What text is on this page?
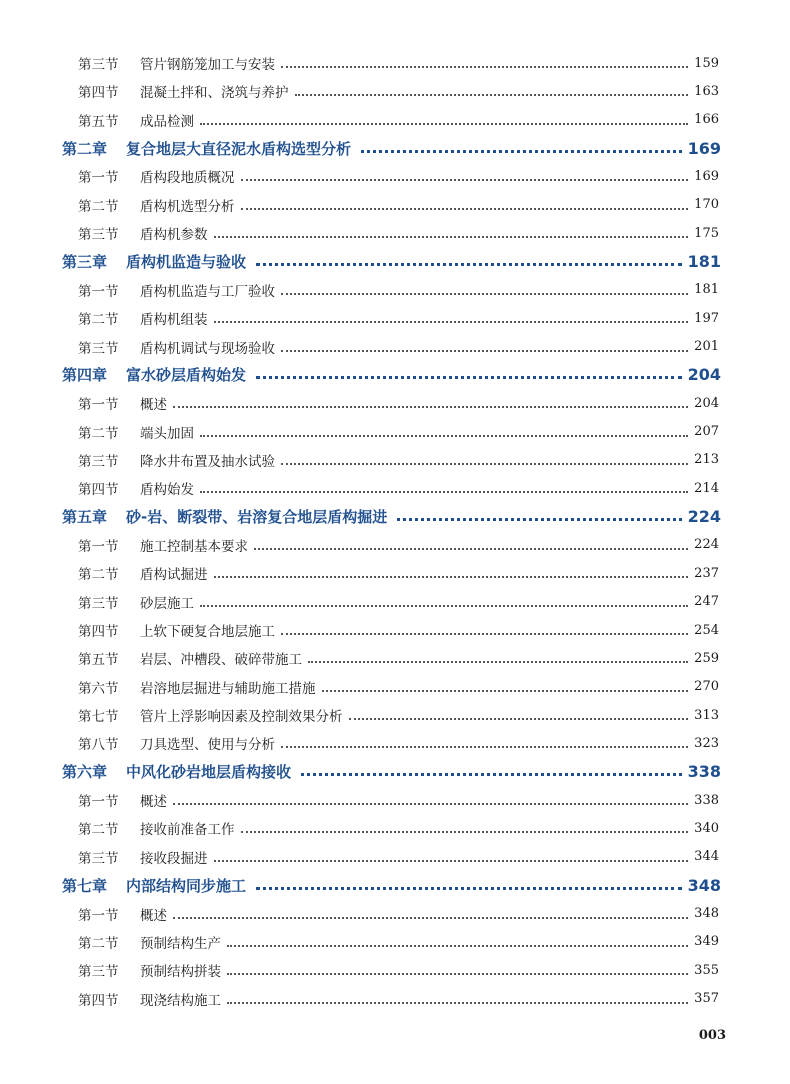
第三节	管片钢筋笼加工与安装	159
第四节	混凝土拌和、浇筑与养护	163
第五节	成品检测	166
第二章	复合地层大直径泥水盾构选型分析	169
第一节	盾构段地质概况	169
第二节	盾构机选型分析	170
第三节	盾构机参数	175
第三章	盾构机监造与验收	181
第一节	盾构机监造与工厂验收	181
第二节	盾构机组装	197
第三节	盾构机调试与现场验收	201
第四章	富水砂层盾构始发	204
第一节	概述	204
第二节	端头加固	207
第三节	降水井布置及抽水试验	213
第四节	盾构始发	214
第五章	砂-岩、断裂带、岩溶复合地层盾构掘进	224
第一节	施工控制基本要求	224
第二节	盾构试掘进	237
第三节	砂层施工	247
第四节	上软下硬复合地层施工	254
第五节	岩层、冲槽段、破碎带施工	259
第六节	岩溶地层掘进与辅助施工措施	270
第七节	管片上浮影响因素及控制效果分析	313
第八节	刀具选型、使用与分析	323
第六章	中风化砂岩地层盾构接收	338
第一节	概述	338
第二节	接收前准备工作	340
第三节	接收段掘进	344
第七章	内部结构同步施工	348
第一节	概述	348
第二节	预制结构生产	349
第三节	预制结构拼装	355
第四节	现浇结构施工	357
003
